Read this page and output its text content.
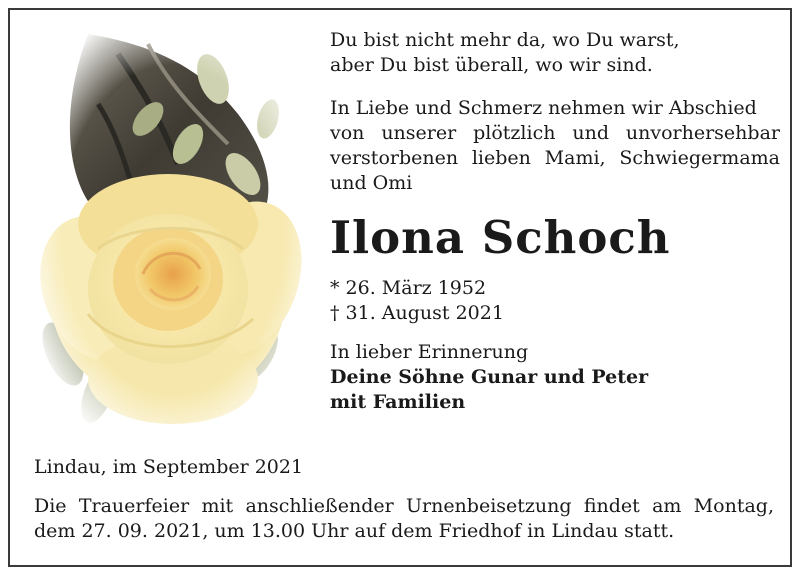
Du bist nicht mehr da, wo Du warst,
aber Du bist überall, wo wir sind.
In Liebe und Schmerz nehmen wir Abschied
von unserer plötzlich und unvorhersehbar
verstorbenen lieben Mami, Schwiegermama
und Omi
Ilona Schoch
* 26. März 1952
† 31. August 2021
In lieber Erinnerung
Deine Söhne Gunar und Peter
mit Familien
Lindau, im September 2021
Die Trauerfeier mit anschließender Urnenbeisetzung findet am Montag,
dem 27. 09. 2021, um 13.00 Uhr auf dem Friedhof in Lindau statt.
